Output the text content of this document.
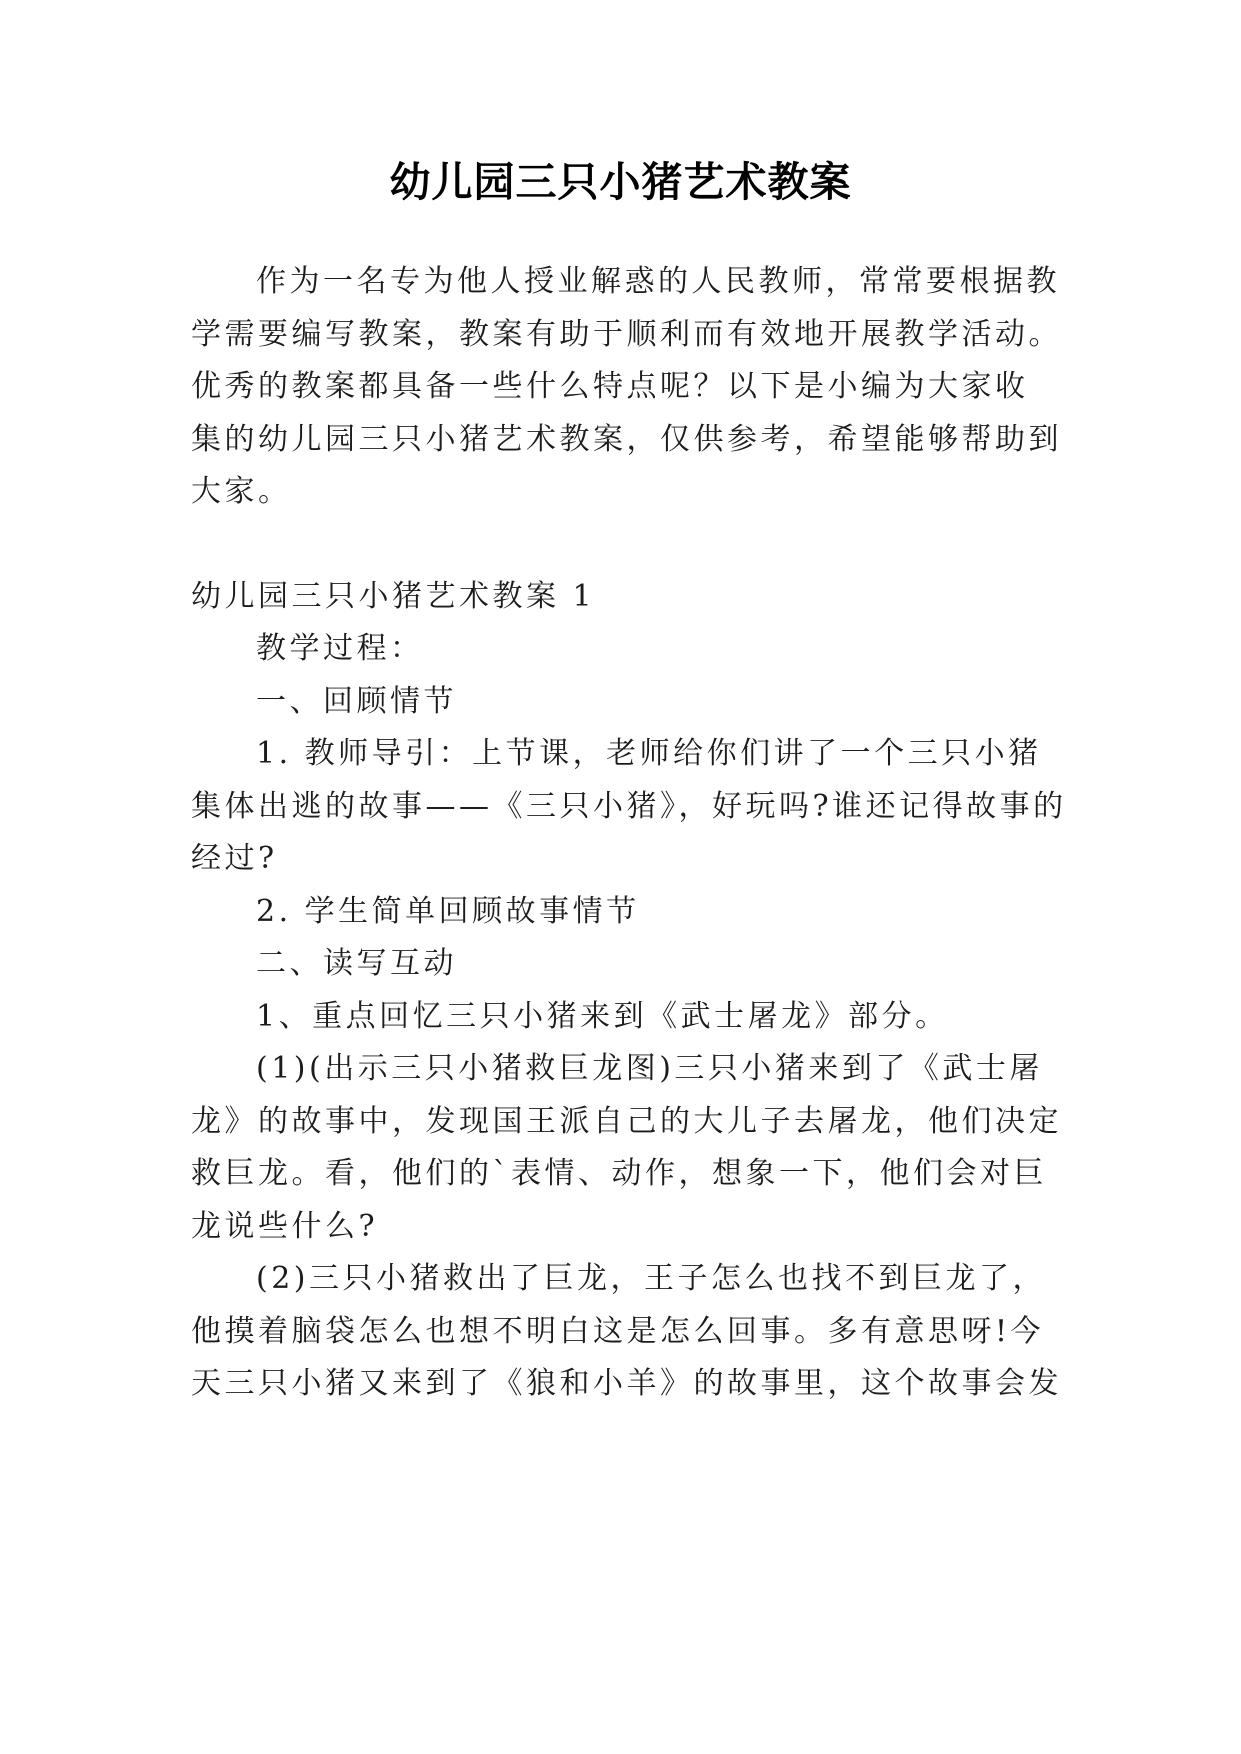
幼儿园三只小猪艺术教案
作为一名专为他人授业解惑的人民教师，常常要根据教
学需要编写教案，教案有助于顺利而有效地开展教学活动。
优秀的教案都具备一些什么特点呢？以下是小编为大家收
集的幼儿园三只小猪艺术教案，仅供参考，希望能够帮助到
大家。
幼儿园三只小猪艺术教案 1
教学过程：
一、回顾情节
1. 教师导引：上节课，老师给你们讲了一个三只小猪
集体出逃的故事——《三只小猪》，好玩吗?谁还记得故事的
经过?
2. 学生简单回顾故事情节
二、读写互动
1、重点回忆三只小猪来到《武士屠龙》部分。
(1)(出示三只小猪救巨龙图)三只小猪来到了《武士屠
龙》的故事中，发现国王派自己的大儿子去屠龙，他们决定
救巨龙。看，他们的`表情、动作，想象一下，他们会对巨
龙说些什么?
(2)三只小猪救出了巨龙，王子怎么也找不到巨龙了，
他摸着脑袋怎么也想不明白这是怎么回事。多有意思呀!今
天三只小猪又来到了《狼和小羊》的故事里，这个故事会发
